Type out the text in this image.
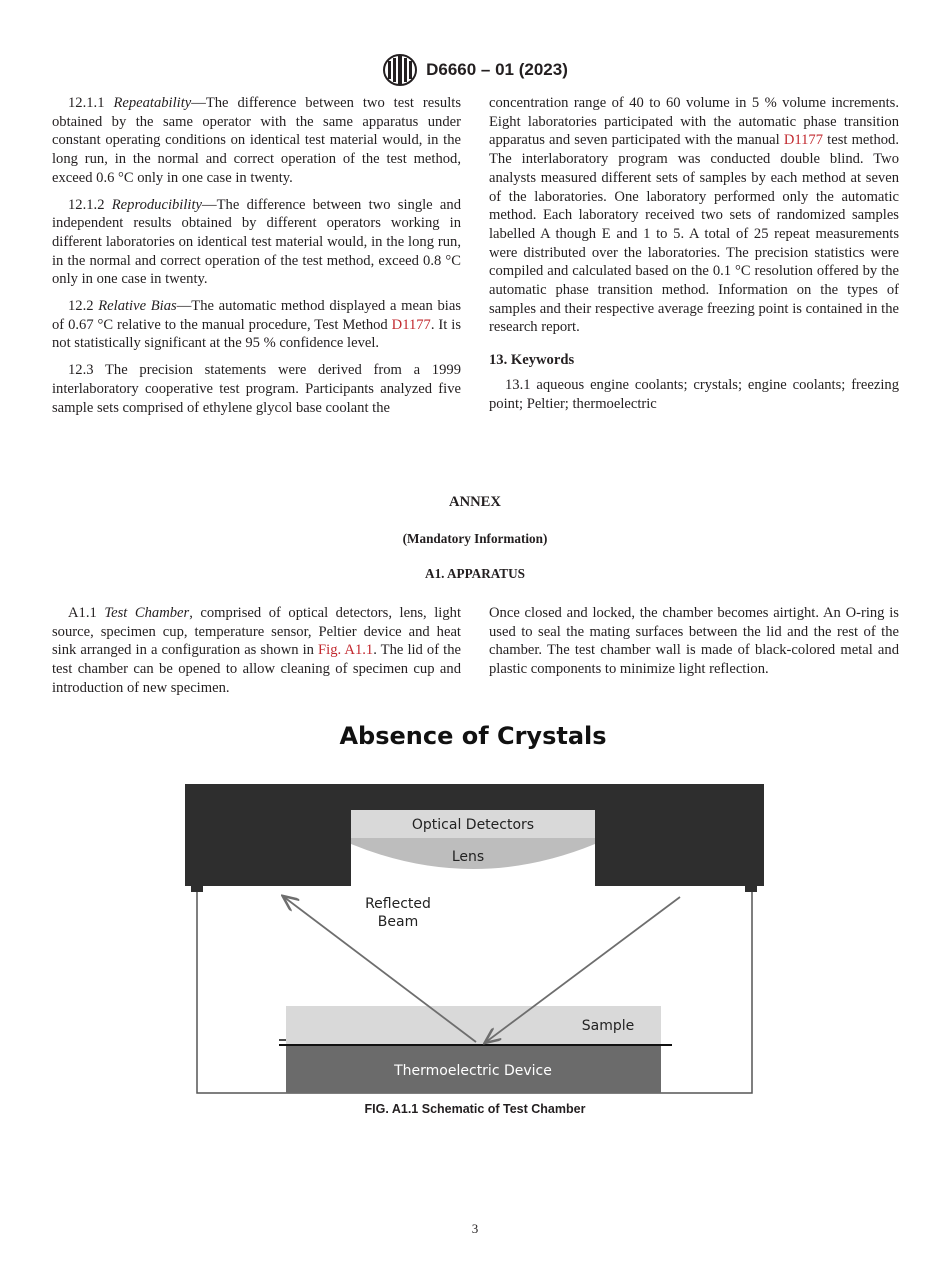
D6660 – 01 (2023)

12.1.1 Repeatability—The difference between two test results obtained by the same operator with the same apparatus under constant operating conditions on identical test material would, in the long run, in the normal and correct operation of the test method, exceed 0.6 °C only in one case in twenty.

12.1.2 Reproducibility—The difference between two single and independent results obtained by different operators working in different laboratories on identical test material would, in the long run, in the normal and correct operation of the test method, exceed 0.8 °C only in one case in twenty.

12.2 Relative Bias—The automatic method displayed a mean bias of 0.67 °C relative to the manual procedure, Test Method D1177. It is not statistically significant at the 95 % confidence level.

12.3 The precision statements were derived from a 1999 interlaboratory cooperative test program. Participants analyzed five sample sets comprised of ethylene glycol base coolant the

concentration range of 40 to 60 volume in 5 % volume increments. Eight laboratories participated with the automatic phase transition apparatus and seven participated with the manual D1177 test method. The interlaboratory program was conducted double blind. Two analysts measured different sets of samples by each method at seven of the laboratories. One laboratory performed only the automatic method. Each laboratory received two sets of randomized samples labelled A though E and 1 to 5. A total of 25 repeat measurements were distributed over the laboratories. The precision statistics were compiled and calculated based on the 0.1 °C resolution offered by the automatic phase transition method. Information on the types of samples and their respective average freezing point is contained in the research report.

13. Keywords

13.1 aqueous engine coolants; crystals; engine coolants; freezing point; Peltier; thermoelectric

ANNEX
(Mandatory Information)
A1. APPARATUS

A1.1 Test Chamber, comprised of optical detectors, lens, light source, specimen cup, temperature sensor, Peltier device and heat sink arranged in a configuration as shown in Fig. A1.1. The lid of the test chamber can be opened to allow cleaning of specimen cup and introduction of new specimen.

Once closed and locked, the chamber becomes airtight. An O-ring is used to seal the mating surfaces between the lid and the rest of the chamber. The test chamber wall is made of black-colored metal and plastic components to minimize light reflection.

Absence of Crystals
Optical Detectors
Lens
Reflected
Beam
Sample
Thermoelectric Device
FIG. A1.1 Schematic of Test Chamber
3
